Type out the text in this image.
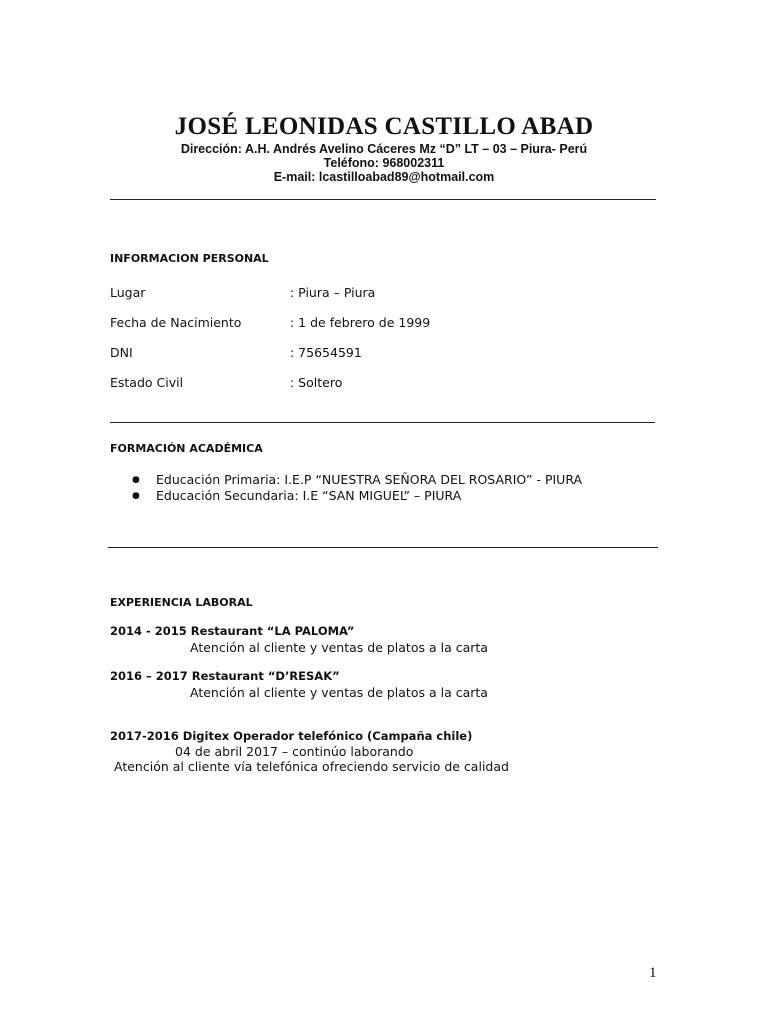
JOSÉ LEONIDAS CASTILLO ABAD
Dirección: A.H. Andrés Avelino Cáceres Mz “D” LT – 03 – Piura- Perú
Teléfono: 968002311
E-mail: lcastilloabad89@hotmail.com
INFORMACION PERSONAL
Lugar	: Piura – Piura
Fecha de Nacimiento	: 1 de febrero de 1999
DNI	: 75654591
Estado Civil	: Soltero
FORMACIÓN ACADÉMICA
● Educación Primaria: I.E.P “NUESTRA SEÑORA DEL ROSARIO” - PIURA
● Educación Secundaria: I.E “SAN MIGUEL” – PIURA
EXPERIENCIA LABORAL
2014 - 2015 Restaurant “LA PALOMA”
Atención al cliente y ventas de platos a la carta
2016 – 2017 Restaurant “D’RESAK”
Atención al cliente y ventas de platos a la carta
2017-2016 Digitex Operador telefónico (Campaña chile)
04 de abril 2017 – continúo laborando
Atención al cliente vía telefónica ofreciendo servicio de calidad
1
